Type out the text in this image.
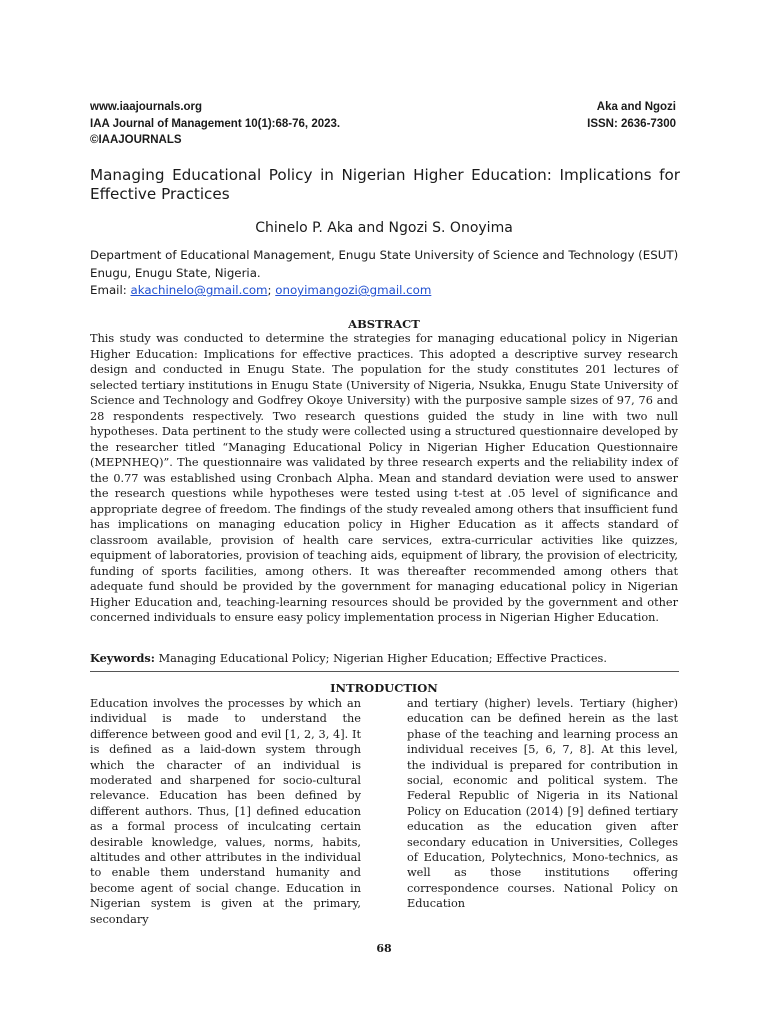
www.iaajournals.org
IAA Journal of Management 10(1):68-76, 2023.
©IAAJOURNALS
Aka and Ngozi
ISSN: 2636-7300
Managing Educational Policy in Nigerian Higher Education: Implications for Effective Practices
Chinelo P. Aka and Ngozi S. Onoyima
Department of Educational Management, Enugu State University of Science and Technology (ESUT) Enugu, Enugu State, Nigeria.
Email: akachinelo@gmail.com; onoyimangozi@gmail.com
ABSTRACT
This study was conducted to determine the strategies for managing educational policy in Nigerian Higher Education: Implications for effective practices. This adopted a descriptive survey research design and conducted in Enugu State. The population for the study constitutes 201 lectures of selected tertiary institutions in Enugu State (University of Nigeria, Nsukka, Enugu State University of Science and Technology and Godfrey Okoye University) with the purposive sample sizes of 97, 76 and 28 respondents respectively. Two research questions guided the study in line with two null hypotheses. Data pertinent to the study were collected using a structured questionnaire developed by the researcher titled “Managing Educational Policy in Nigerian Higher Education Questionnaire (MEPNHEQ)”. The questionnaire was validated by three research experts and the reliability index of the 0.77 was established using Cronbach Alpha. Mean and standard deviation were used to answer the research questions while hypotheses were tested using t-test at .05 level of significance and appropriate degree of freedom. The findings of the study revealed among others that insufficient fund has implications on managing education policy in Higher Education as it affects standard of classroom available, provision of health care services, extra-curricular activities like quizzes, equipment of laboratories, provision of teaching aids, equipment of library, the provision of electricity, funding of sports facilities, among others. It was thereafter recommended among others that adequate fund should be provided by the government for managing educational policy in Nigerian Higher Education and, teaching-learning resources should be provided by the government and other concerned individuals to ensure easy policy implementation process in Nigerian Higher Education.
Keywords: Managing Educational Policy; Nigerian Higher Education; Effective Practices.
INTRODUCTION
Education involves the processes by which an individual is made to understand the difference between good and evil [1, 2, 3, 4]. It is defined as a laid-down system through which the character of an individual is moderated and sharpened for socio-cultural relevance. Education has been defined by different authors. Thus, [1] defined education as a formal process of inculcating certain desirable knowledge, values, norms, habits, altitudes and other attributes in the individual to enable them understand humanity and become agent of social change. Education in Nigerian system is given at the primary, secondary
and tertiary (higher) levels. Tertiary (higher) education can be defined herein as the last phase of the teaching and learning process an individual receives [5, 6, 7, 8]. At this level, the individual is prepared for contribution in social, economic and political system. The Federal Republic of Nigeria in its National Policy on Education (2014) [9] defined tertiary education as the education given after secondary education in Universities, Colleges of Education, Polytechnics, Mono-technics, as well as those institutions offering correspondence courses. National Policy on Education
68
